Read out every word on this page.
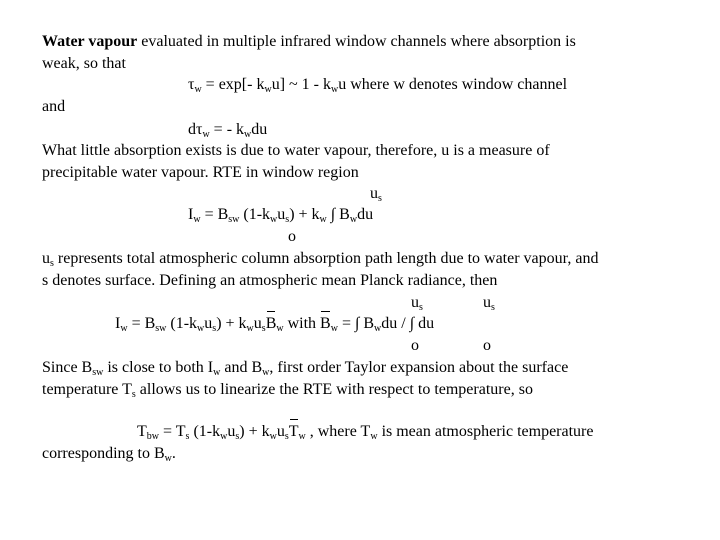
Water vapour evaluated in multiple infrared window channels where absorption is
weak, so that
$\tau_w = \exp[-$ $k_wu$] ~ $1 - k_wu$ where w denotes window channel
and
$d\tau_w$ = - $k_wdu$
What little absorption exists is due to water vapour, therefore, u is a measure of
precipitable water vapour. RTE in window region
$u_s$
$I_w = B_{sw}$ $(1-k_wu_s) + k_w$ ∫ $B_wdu$
o
$u_s$ represents total atmospheric column absorption path length due to water vapour, and
s denotes surface. Defining an atmospheric mean Planck radiance, then
$u_s$	$u_s$
$I_w = B_{sw}$ $(1-k_wu_s) + k_wu_sB_w$ with $B_w$ = ∫ $B_wdu$ / ∫ du
o	o
Since $B_{sw}$ is close to both $I_w$ and $B_w$, first order Taylor expansion about the surface
temperature $T_s$ allows us to linearize the RTE with respect to temperature, so
$T_{bw} = T_s$ $(1-k_wu_s) + k_wu_sT_w$ , where $T_w$ is mean atmospheric temperature
corresponding to $B_w$.
